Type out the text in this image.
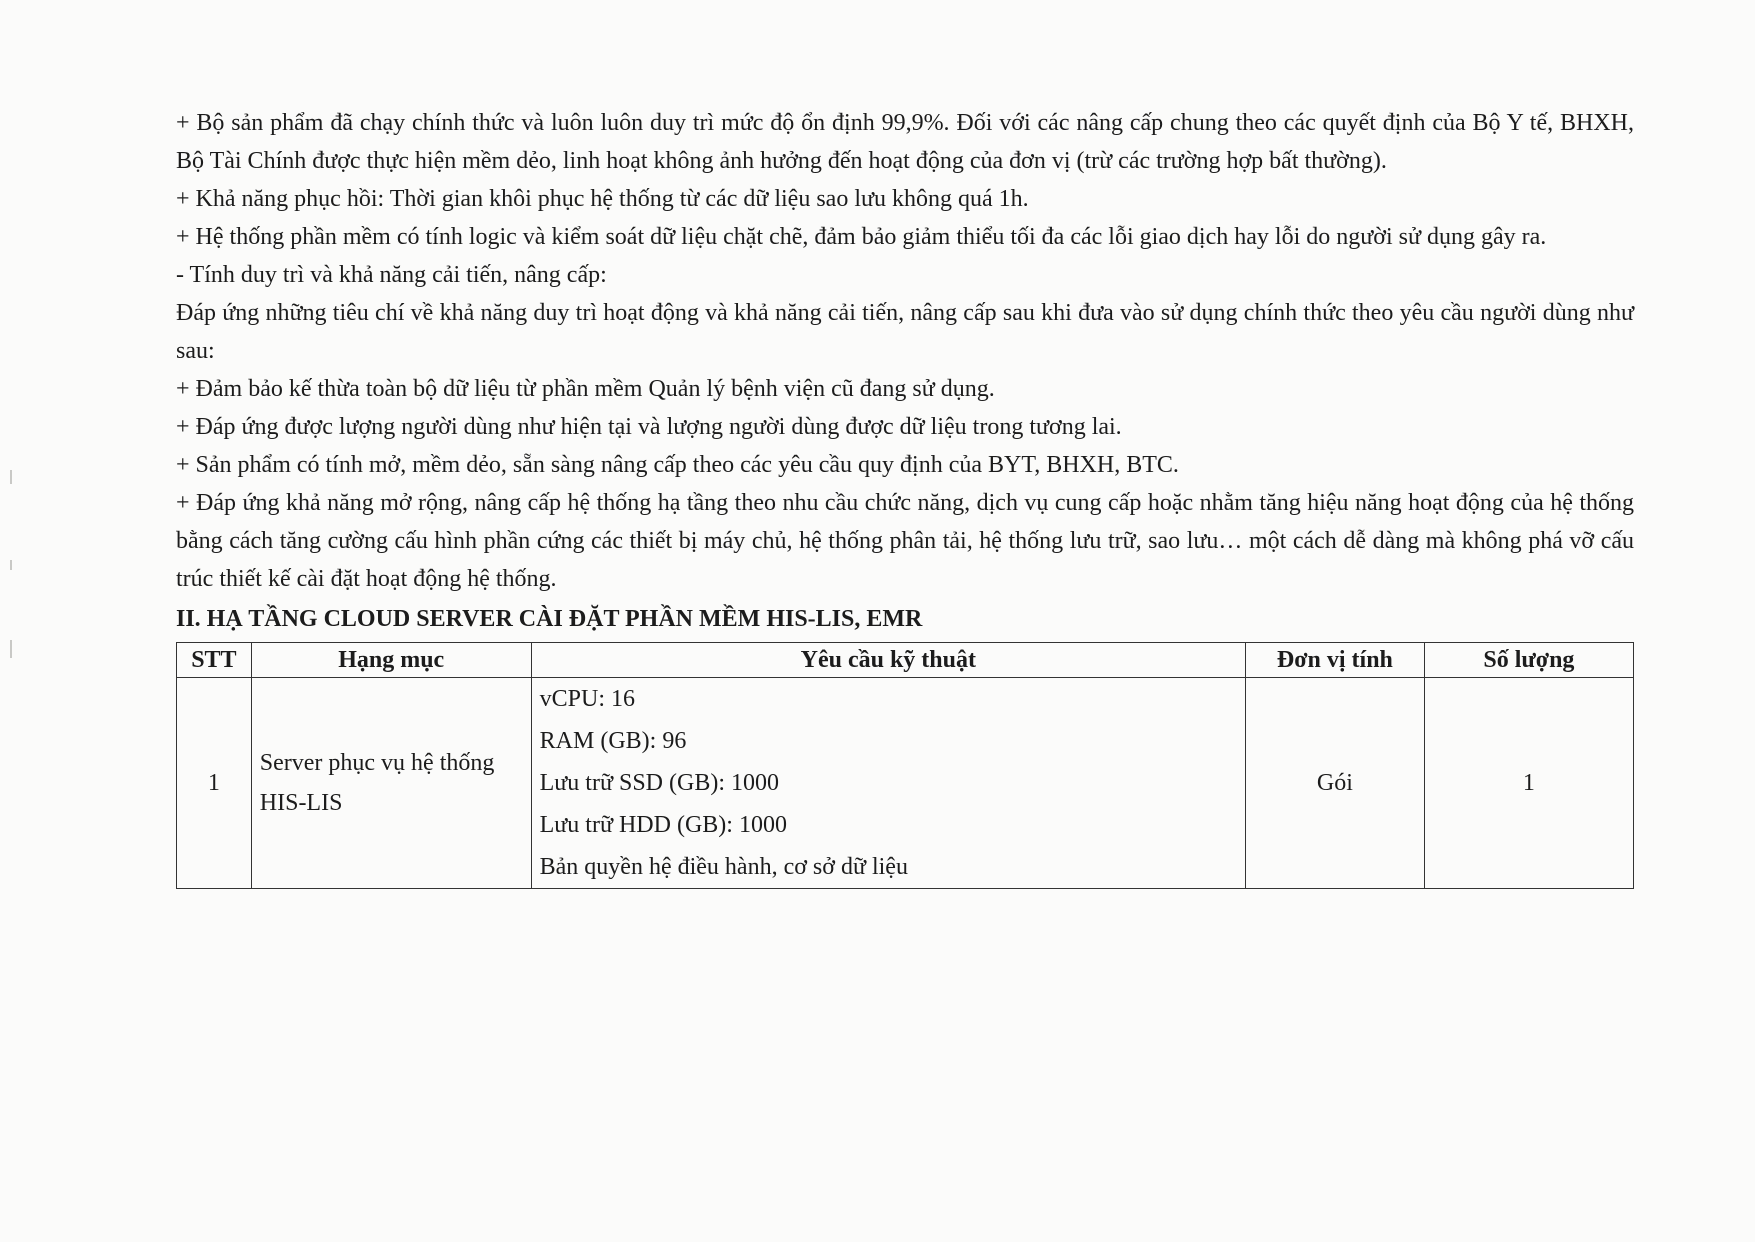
+ Bộ sản phẩm đã chạy chính thức và luôn luôn duy trì mức độ ổn định 99,9%. Đối với các nâng cấp chung theo các quyết định của Bộ Y tế, BHXH, Bộ Tài Chính được thực hiện mềm dẻo, linh hoạt không ảnh hưởng đến hoạt động của đơn vị (trừ các trường hợp bất thường).

+ Khả năng phục hồi: Thời gian khôi phục hệ thống từ các dữ liệu sao lưu không quá 1h.

+ Hệ thống phần mềm có tính logic và kiểm soát dữ liệu chặt chẽ, đảm bảo giảm thiểu tối đa các lỗi giao dịch hay lỗi do người sử dụng gây ra.

- Tính duy trì và khả năng cải tiến, nâng cấp:

Đáp ứng những tiêu chí về khả năng duy trì hoạt động và khả năng cải tiến, nâng cấp sau khi đưa vào sử dụng chính thức theo yêu cầu người dùng như sau:

+ Đảm bảo kế thừa toàn bộ dữ liệu từ phần mềm Quản lý bệnh viện cũ đang sử dụng.

+ Đáp ứng được lượng người dùng như hiện tại và lượng người dùng được dữ liệu trong tương lai.

+ Sản phẩm có tính mở, mềm dẻo, sẵn sàng nâng cấp theo các yêu cầu quy định của BYT, BHXH, BTC.

+ Đáp ứng khả năng mở rộng, nâng cấp hệ thống hạ tầng theo nhu cầu chức năng, dịch vụ cung cấp hoặc nhằm tăng hiệu năng hoạt động của hệ thống bằng cách tăng cường cấu hình phần cứng các thiết bị máy chủ, hệ thống phân tải, hệ thống lưu trữ, sao lưu… một cách dễ dàng mà không phá vỡ cấu trúc thiết kế cài đặt hoạt động hệ thống.

II. HẠ TẦNG CLOUD SERVER CÀI ĐẶT PHẦN MỀM HIS-LIS, EMR

STT	Hạng mục	Yêu cầu kỹ thuật	Đơn vị tính	Số lượng
1	Server phục vụ hệ thống
HIS-LIS	vCPU: 16
RAM (GB): 96
Lưu trữ SSD (GB): 1000
Lưu trữ HDD (GB): 1000
Bản quyền hệ điều hành, cơ sở dữ liệu	Gói	1
